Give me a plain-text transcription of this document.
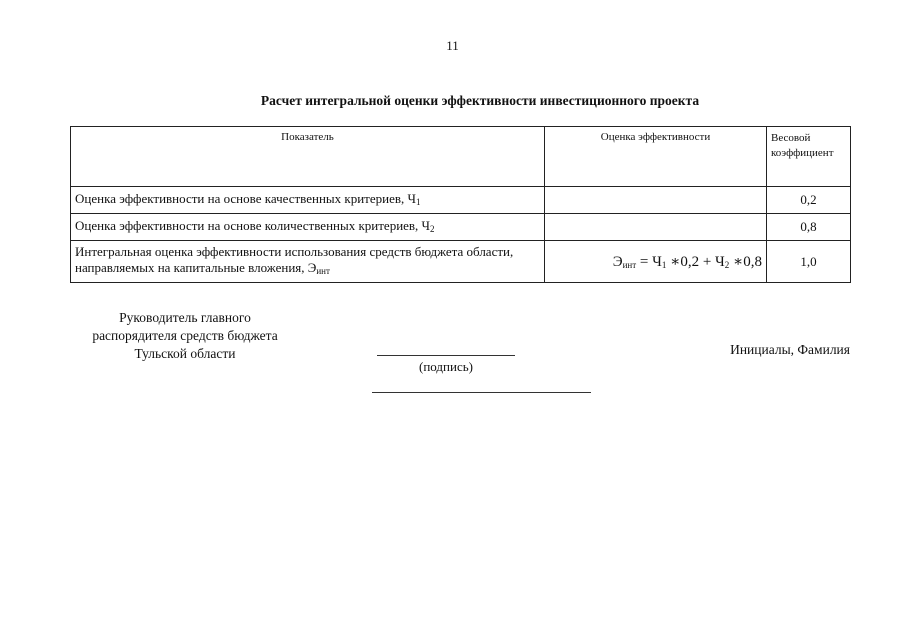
11
Расчет интегральной оценки эффективности инвестиционного проекта
Показатель	Оценка эффективности	Весовой коэффициент
Оценка эффективности на основе качественных критериев, $Ч_1$		0,2
Оценка эффективности на основе количественных критериев, $Ч_2$		0,8
Интегральная оценка эффективности использования средств бюджета области, направляемых на капитальные вложения, $Э_{инт}$	$Э_{инт} = Ч_1$ ∗0,2 + $Ч_2$ ∗0,8	1,0
Руководитель главного распорядителя средств бюджета Тульской области
(подпись)
Инициалы, Фамилия
